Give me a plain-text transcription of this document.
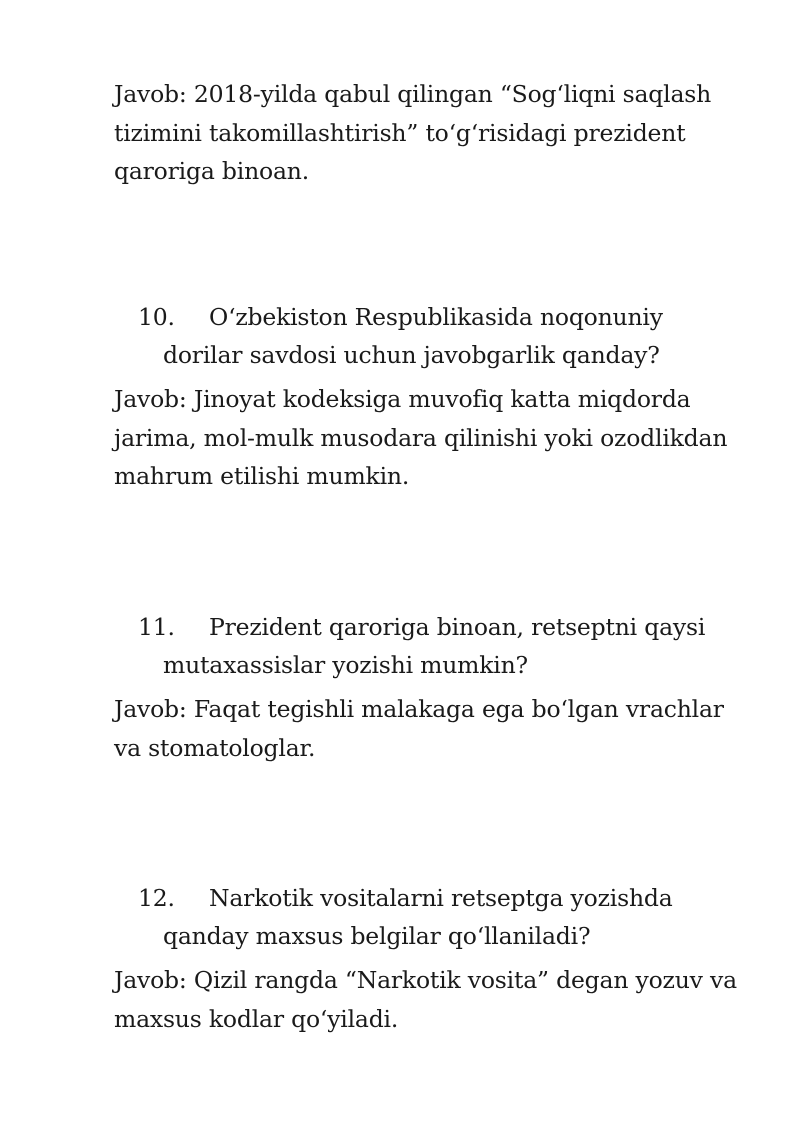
Javob: 2018-yilda qabul qilingan “Sog‘liqni saqlash tizimini takomillashtirish” to‘g‘risidagi prezident qaroriga binoan.

10.	O‘zbekiston Respublikasida noqonuniy dorilar savdosi uchun javobgarlik qanday?

Javob: Jinoyat kodeksiga muvofiq katta miqdorda jarima, mol-mulk musodara qilinishi yoki ozodlikdan mahrum etilishi mumkin.

11.	Prezident qaroriga binoan, retseptni qaysi mutaxassislar yozishi mumkin?

Javob: Faqat tegishli malakaga ega bo‘lgan vrachlar va stomatologlar.

12.	Narkotik vositalarni retseptga yozishda qanday maxsus belgilar qo‘llaniladi?

Javob: Qizil rangda “Narkotik vosita” degan yozuv va maxsus kodlar qo‘yiladi.
